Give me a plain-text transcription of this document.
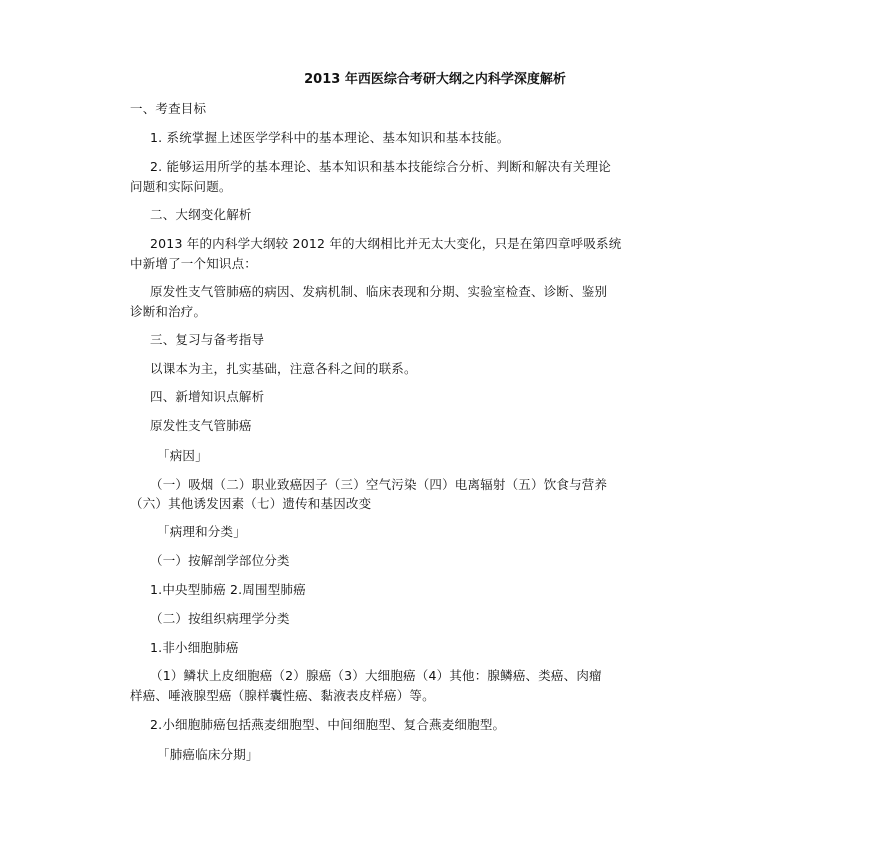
2013 年西医综合考研大纲之内科学深度解析
一、考查目标
1. 系统掌握上述医学学科中的基本理论、基本知识和基本技能。
2. 能够运用所学的基本理论、基本知识和基本技能综合分析、判断和解决有关理论
问题和实际问题。
二、大纲变化解析
2013 年的内科学大纲较 2012 年的大纲相比并无太大变化，只是在第四章呼吸系统
中新增了一个知识点：
原发性支气管肺癌的病因、发病机制、临床表现和分期、实验室检查、诊断、鉴别
诊断和治疗。
三、复习与备考指导
以课本为主，扎实基础，注意各科之间的联系。
四、新增知识点解析
原发性支气管肺癌
「病因」
（一）吸烟（二）职业致癌因子（三）空气污染（四）电离辐射（五）饮食与营养
（六）其他诱发因素（七）遗传和基因改变
「病理和分类」
（一）按解剖学部位分类
1.中央型肺癌 2.周围型肺癌
（二）按组织病理学分类
1.非小细胞肺癌
（1）鳞状上皮细胞癌（2）腺癌（3）大细胞癌（4）其他：腺鳞癌、类癌、肉瘤
样癌、唾液腺型癌（腺样囊性癌、黏液表皮样癌）等。
2.小细胞肺癌包括燕麦细胞型、中间细胞型、复合燕麦细胞型。
「肺癌临床分期」
